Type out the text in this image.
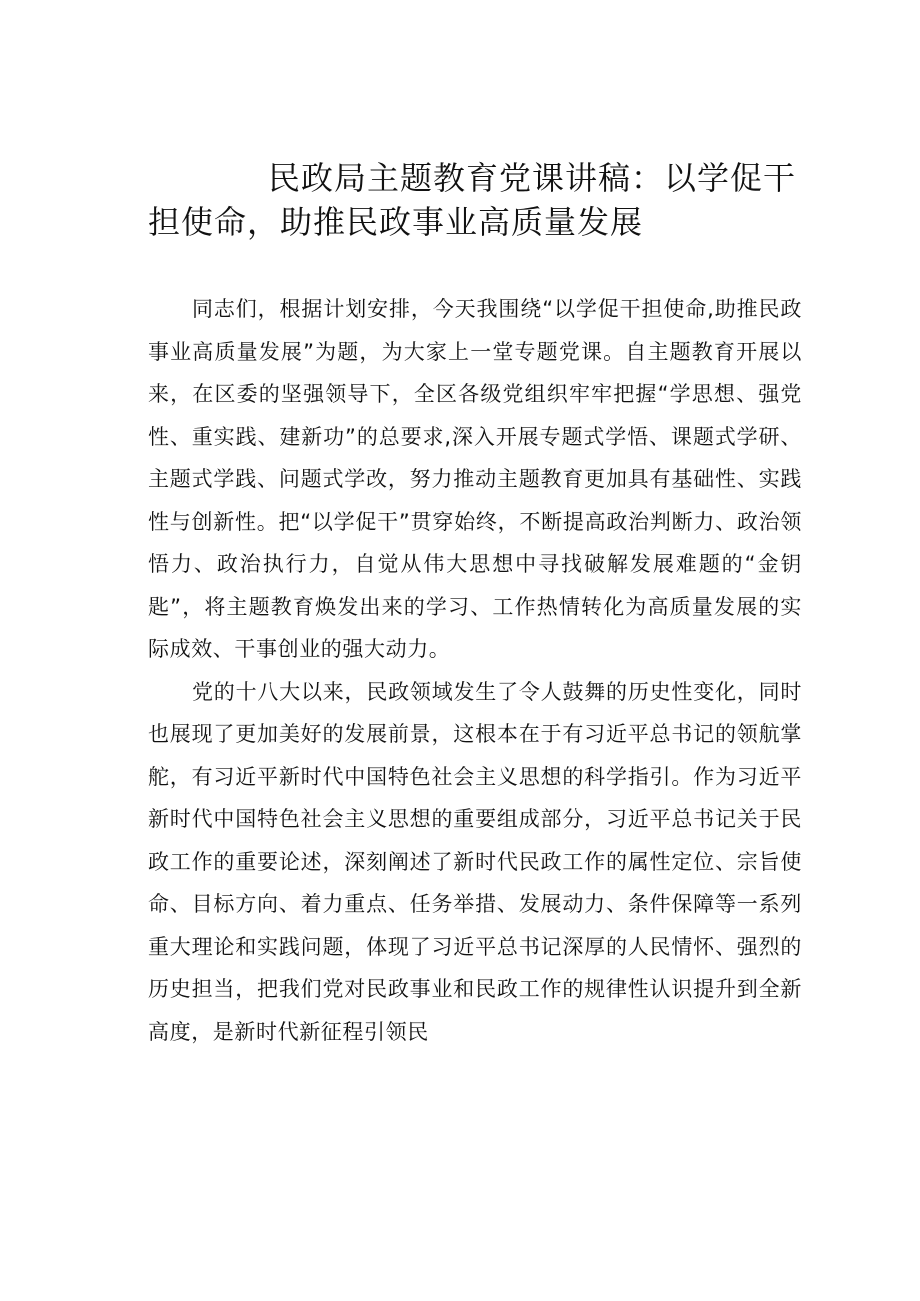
民政局主题教育党课讲稿：以学促干担使命，助推民政事业高质量发展

同志们，根据计划安排，今天我围绕“以学促干担使命,助推民政事业高质量发展”为题，为大家上一堂专题党课。自主题教育开展以来，在区委的坚强领导下，全区各级党组织牢牢把握“学思想、强党性、重实践、建新功”的总要求,深入开展专题式学悟、课题式学研、主题式学践、问题式学改，努力推动主题教育更加具有基础性、实践性与创新性。把“以学促干”贯穿始终，不断提高政治判断力、政治领悟力、政治执行力，自觉从伟大思想中寻找破解发展难题的“金钥匙”，将主题教育焕发出来的学习、工作热情转化为高质量发展的实际成效、干事创业的强大动力。

党的十八大以来，民政领域发生了令人鼓舞的历史性变化，同时也展现了更加美好的发展前景，这根本在于有习近平总书记的领航掌舵，有习近平新时代中国特色社会主义思想的科学指引。作为习近平新时代中国特色社会主义思想的重要组成部分，习近平总书记关于民政工作的重要论述，深刻阐述了新时代民政工作的属性定位、宗旨使命、目标方向、着力重点、任务举措、发展动力、条件保障等一系列重大理论和实践问题，体现了习近平总书记深厚的人民情怀、强烈的历史担当，把我们党对民政事业和民政工作的规律性认识提升到全新高度，是新时代新征程引领民
